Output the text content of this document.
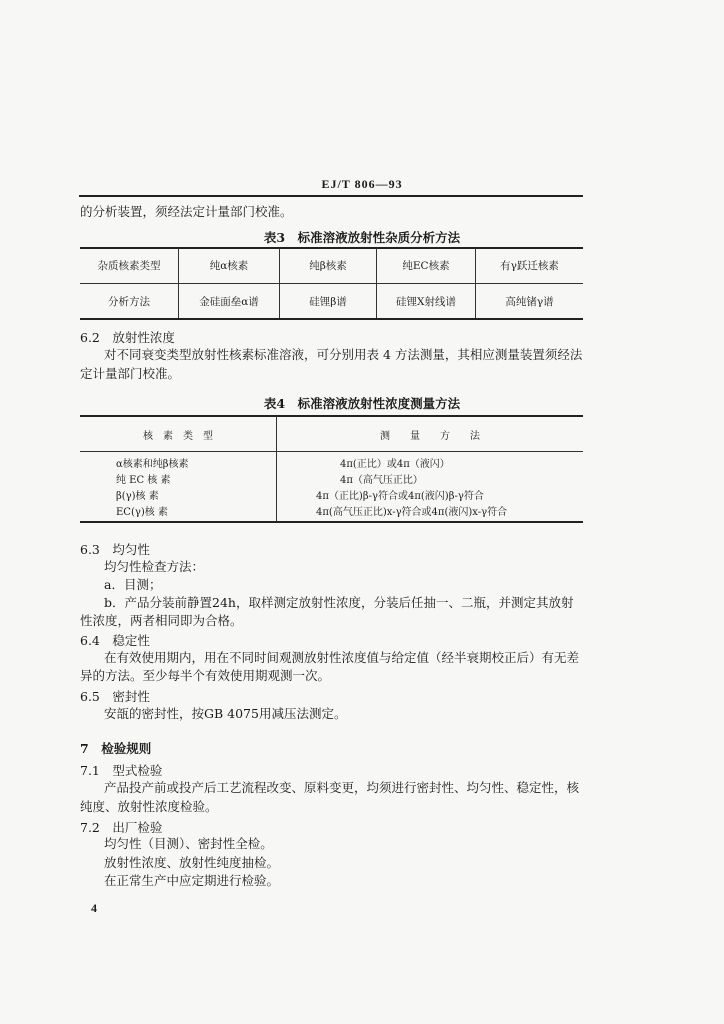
EJ/T 806—93
的分析装置，须经法定计量部门校准。
表3　标准溶液放射性杂质分析方法
杂质核素类型	纯α核素	纯β核素	纯EC核素	有γ跃迁核素
分析方法	金硅面垒α谱	硅锂β谱	硅锂X射线谱	高纯锗γ谱
6.2　放射性浓度
对不同衰变类型放射性核素标准溶液，可分别用表 4 方法测量，其相应测量装置须经法
定计量部门校准。
表4　标准溶液放射性浓度测量方法
核　素　类　型	测　　量　　方　　法
α核素和纯β核素	4π(正比）或4π（液闪）
纯 EC 核 素	4π（高气压正比）
β(γ)核 素	4π（正比)β-γ符合或4π(液闪)β-γ符合
EC(γ)核 素	4π(高气压正比)x-γ符合或4π(液闪)x-γ符合
6.3　均匀性
均匀性检查方法：
a．目测；
b．产品分装前静置24h，取样测定放射性浓度，分装后任抽一、二瓶，并测定其放射
性浓度，两者相同即为合格。
6.4　稳定性
在有效使用期内，用在不同时间观测放射性浓度值与给定值（经半衰期校正后）有无差
异的方法。至少每半个有效使用期观测一次。
6.5　密封性
安瓿的密封性，按GB 4075用减压法测定。
7　检验规则
7.1　型式检验
产品投产前或投产后工艺流程改变、原料变更，均须进行密封性、均匀性、稳定性，核
纯度、放射性浓度检验。
7.2　出厂检验
均匀性（目测）、密封性全检。
放射性浓度、放射性纯度抽检。
在正常生产中应定期进行检验。
4
